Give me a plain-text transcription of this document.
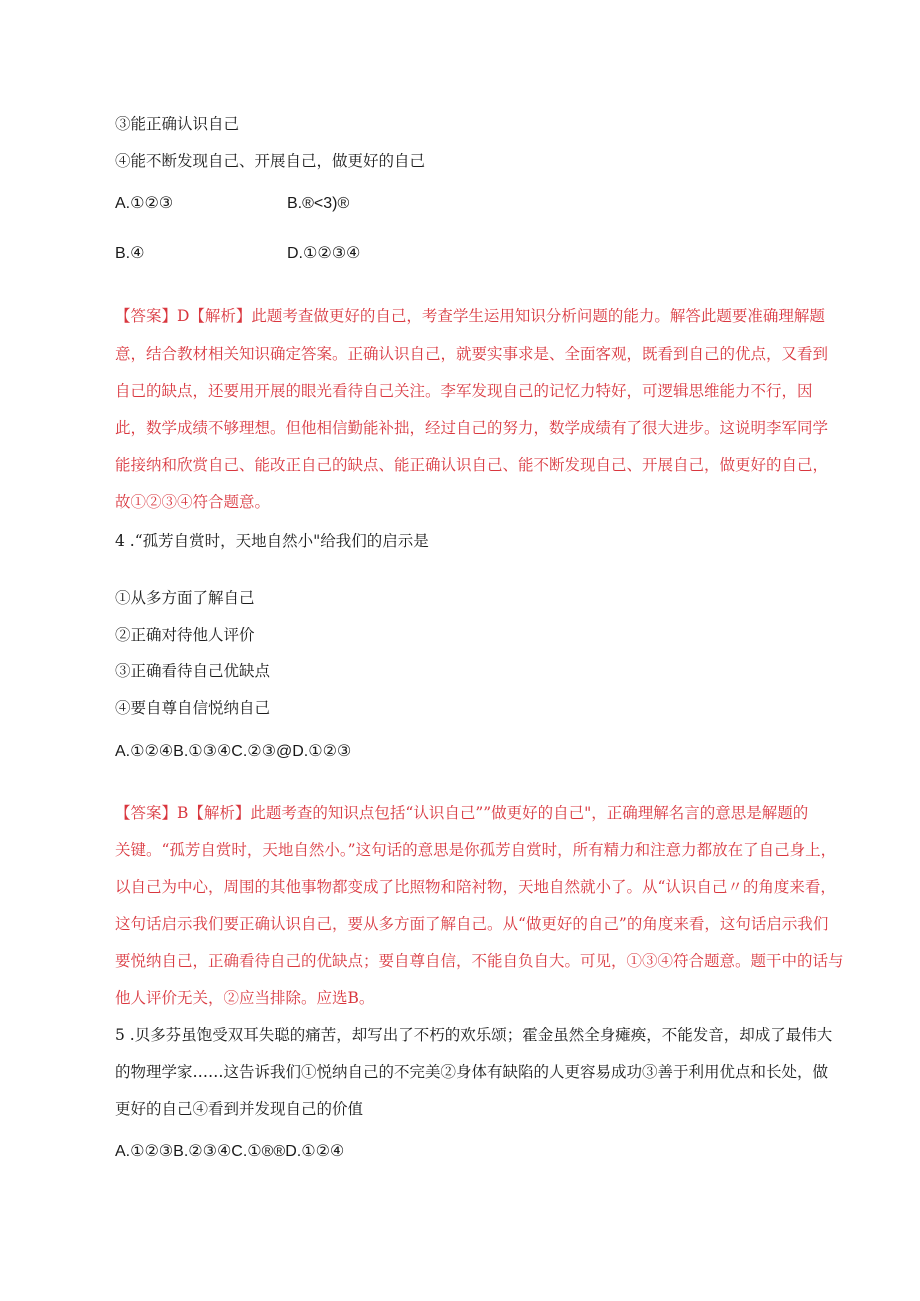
③能正确认识自己
④能不断发现自己、开展自己，做更好的自己
A.①②③	B.®<3)®
B.④	D.①②③④
【答案】D【解析】此题考查做更好的自己，考查学生运用知识分析问题的能力。解答此题要准确理解题
意，结合教材相关知识确定答案。正确认识自己，就要实事求是、全面客观，既看到自己的优点，又看到
自己的缺点，还要用开展的眼光看待自己关注。李军发现自己的记忆力特好，可逻辑思维能力不行，因
此，数学成绩不够理想。但他相信勤能补拙，经过自己的努力，数学成绩有了很大进步。这说明李军同学
能接纳和欣赏自己、能改正自己的缺点、能正确认识自己、能不断发现自己、开展自己，做更好的自己，
故①②③④符合题意。
4 .“孤芳自赏时，天地自然小"给我们的启示是
①从多方面了解自己
②正确对待他人评价
③正确看待自己优缺点
④要自尊自信悦纳自己
A.①②④B.①③④C.②③@D.①②③
【答案】B【解析】此题考查的知识点包括“认识自己””做更好的自己"，正确理解名言的意思是解题的
关键。“孤芳自赏时，天地自然小。”这句话的意思是你孤芳自赏时，所有精力和注意力都放在了自己身上，
以自己为中心，周围的其他事物都变成了比照物和陪衬物，天地自然就小了。从“认识自己〃的角度来看，
这句话启示我们要正确认识自己，要从多方面了解自己。从“做更好的自己”的角度来看，这句话启示我们
要悦纳自己，正确看待自己的优缺点；要自尊自信，不能自负自大。可见，①③④符合题意。题干中的话与
他人评价无关，②应当排除。应选B。
5 .贝多芬虽饱受双耳失聪的痛苦，却写出了不朽的欢乐颂；霍金虽然全身瘫痪，不能发音，却成了最伟大
的物理学家……这告诉我们①悦纳自己的不完美②身体有缺陷的人更容易成功③善于利用优点和长处，做
更好的自己④看到并发现自己的价值
A.①②③B.②③④C.①®®D.①②④
